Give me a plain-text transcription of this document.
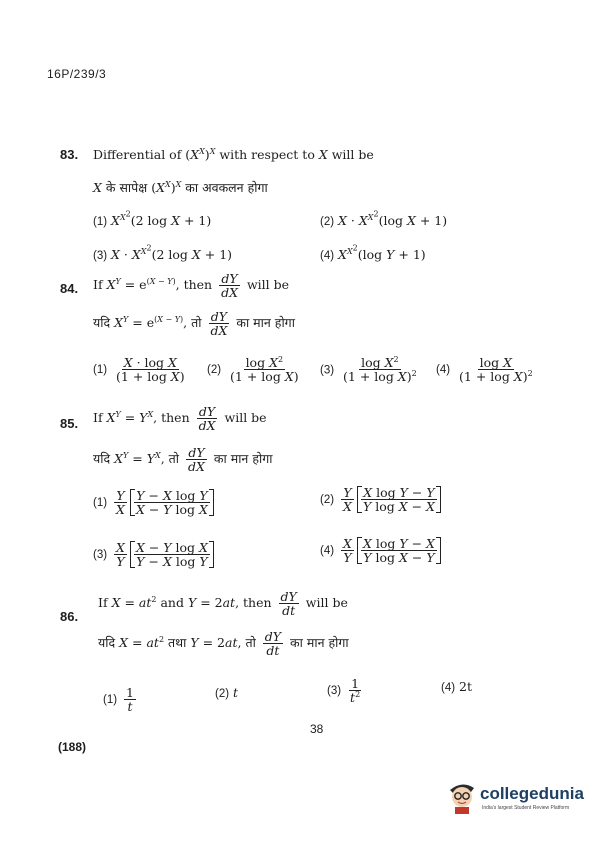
16P/239/3
83. Differential of $(X^X)^X$ with respect to X will be
X के सापेक्ष $(X^X)^X$ का अवकलन होगा
(1) $X^{X^2}(2$ log X + 1)	(2) $X \cdot X^{X^2}(\log$ X + 1)
(3) $X \cdot X^{X^2}(2$ log X + 1)	(4) $X^{X^2}(\log$ Y + 1)
84. If $X^Y = e^{(X - Y)}$, then $\frac{dY}{dX}$ will be
यदि $X^Y = e^{(X - Y)}$, तो $\frac{dY}{dX}$ का मान होगा
$(1) \frac{\text{X · log X}}{\text{(1 + log X)}} (2) \frac{\log X^2}{\text{(1 + log X)}} (3) \frac{\log X^2}{(1 + \log X)^2} (4) \frac{\text{log X}}{(1 + \log X)^2}$
85. If $X^Y = Y^X$, then $\frac{dY}{dX}$ will be
यदि $X^Y = Y^X$, तो $\frac{dY}{dX}$ का मान होगा
$(1) \frac{Y}{X} \frac{\text{Y − X log Y}}{\text{X − Y log X}}$	$(2) \frac{Y}{X} \frac{\text{X log Y − Y}}{\text{Y log X − X}}$
$(3) \frac{X}{Y} \frac{\text{X − Y log X}}{\text{Y − X log Y}}$	$(4) \frac{X}{Y} \frac{\text{X log Y − X}}{\text{Y log X − Y}}$
86.
If $X = at^2$ and Y = 2at, then $\frac{dY}{dt}$ will be
यदि $X = at^2$ तथा Y = 2at, तो $\frac{dY}{dt}$ का मान होगा
$(1) \frac{1}{t}$	(2) t	$(3) \frac{1}{t^2}$	(4) 2t
38
(188)
collegedunia
India's largest Student Review Platform
